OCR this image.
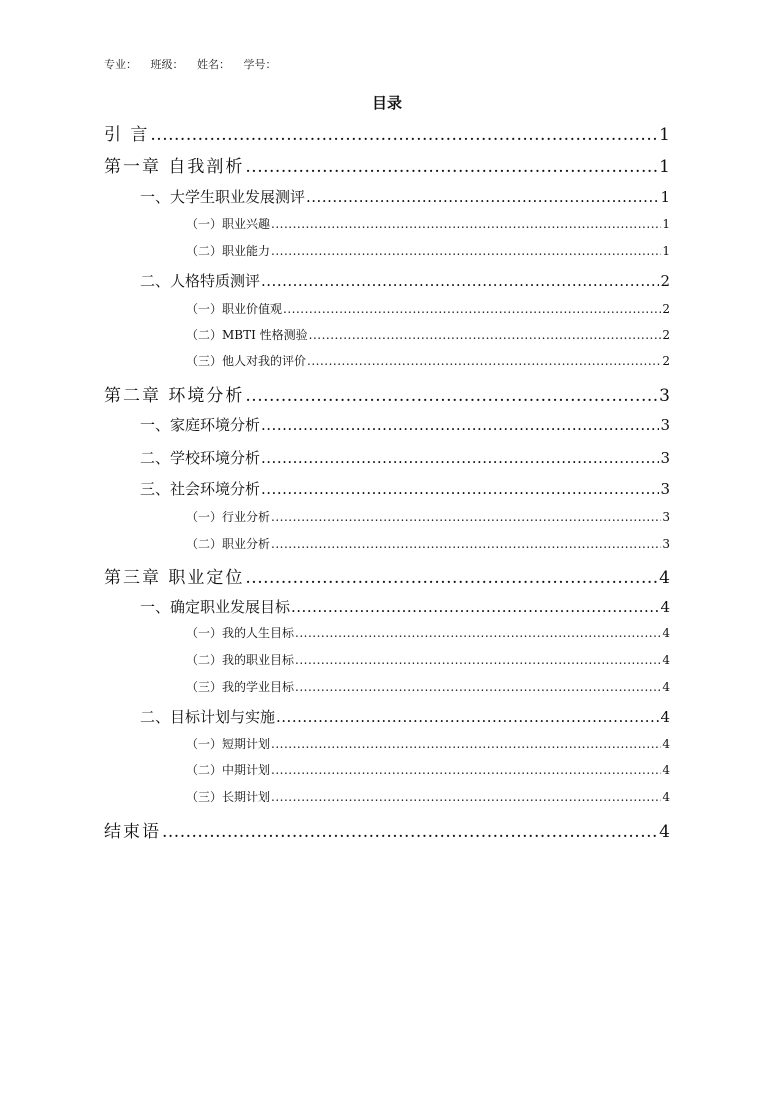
专业： 班级： 姓名： 学号：
目录
引 言 .....	1
第一章 自我剖析 .....	1
一、大学生职业发展测评 .....	1
（一）职业兴趣 .....	1
（二）职业能力 .....	1
二、人格特质测评 .....	2
（一）职业价值观 .....	2
（二）MBTI 性格测验 .....	2
（三）他人对我的评价 .....	2
第二章 环境分析 .....	3
一、家庭环境分析 .....	3
二、学校环境分析 .....	3
三、社会环境分析 .....	3
（一）行业分析 .....	3
（二）职业分析 .....	3
第三章 职业定位 .....	4
一、确定职业发展目标 .....	4
（一）我的人生目标 .....	4
（二）我的职业目标 .....	4
（三）我的学业目标 .....	4
二、目标计划与实施 .....	4
（一）短期计划 .....	4
（二）中期计划 .....	4
（三）长期计划 .....	4
结束语 .....	4
